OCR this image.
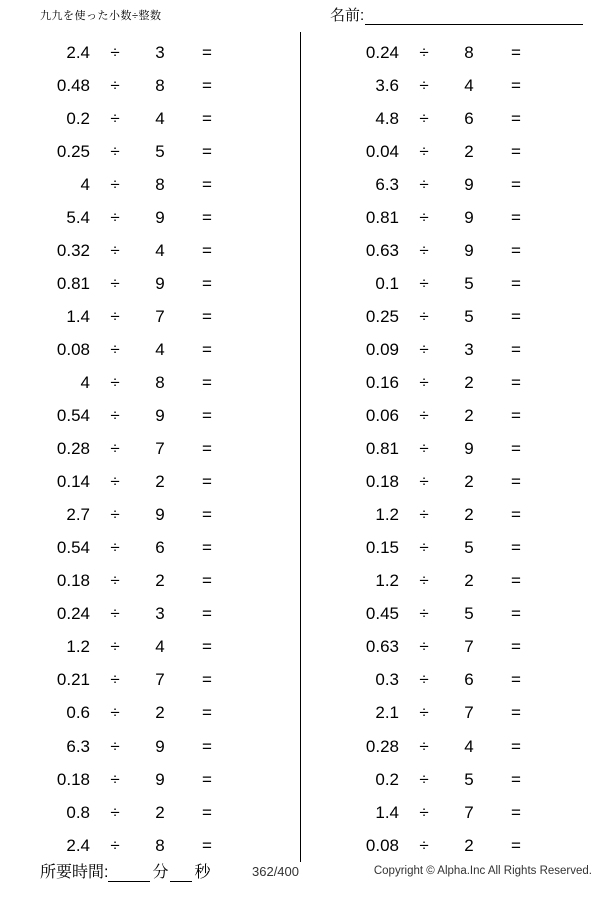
九九を使った小数÷整数	名前:
2.4	÷	3	=
0.48	÷	8	=
0.2	÷	4	=
0.25	÷	5	=
4	÷	8	=
5.4	÷	9	=
0.32	÷	4	=
0.81	÷	9	=
1.4	÷	7	=
0.08	÷	4	=
4	÷	8	=
0.54	÷	9	=
0.28	÷	7	=
0.14	÷	2	=
2.7	÷	9	=
0.54	÷	6	=
0.18	÷	2	=
0.24	÷	3	=
1.2	÷	4	=
0.21	÷	7	=
0.6	÷	2	=
6.3	÷	9	=
0.18	÷	9	=
0.8	÷	2	=
2.4	÷	8	=
0.24	÷	8	=
3.6	÷	4	=
4.8	÷	6	=
0.04	÷	2	=
6.3	÷	9	=
0.81	÷	9	=
0.63	÷	9	=
0.1	÷	5	=
0.25	÷	5	=
0.09	÷	3	=
0.16	÷	2	=
0.06	÷	2	=
0.81	÷	9	=
0.18	÷	2	=
1.2	÷	2	=
0.15	÷	5	=
1.2	÷	2	=
0.45	÷	5	=
0.63	÷	7	=
0.3	÷	6	=
2.1	÷	7	=
0.28	÷	4	=
0.2	÷	5	=
1.4	÷	7	=
0.08	÷	2	=
所要時間:	分 秒	362/400	Copyright © Alpha.Inc All Rights Reserved.
